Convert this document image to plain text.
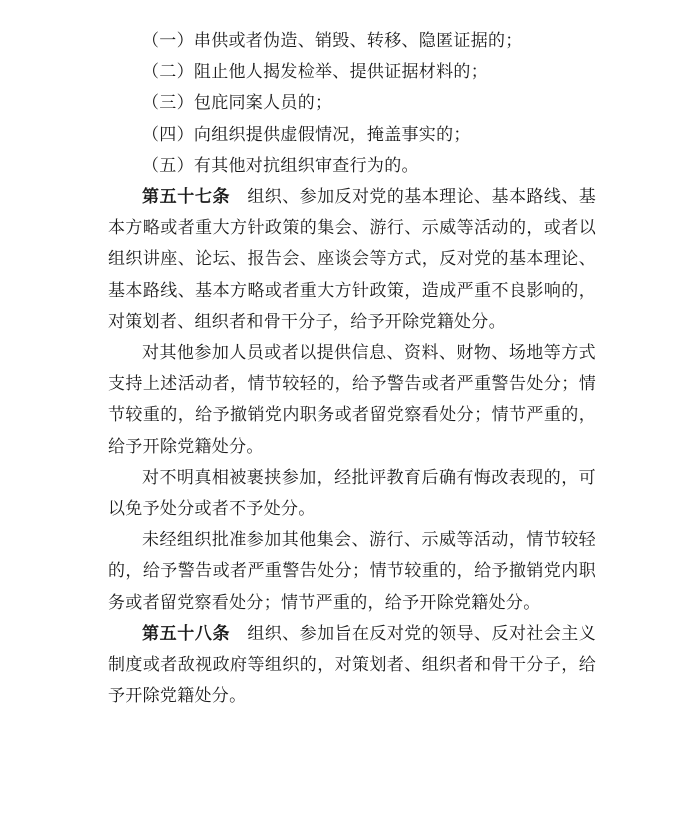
（一）串供或者伪造、销毁、转移、隐匿证据的；

（二）阻止他人揭发检举、提供证据材料的；

（三）包庇同案人员的；

（四）向组织提供虚假情况，掩盖事实的；

（五）有其他对抗组织审查行为的。

第五十七条 组织、参加反对党的基本理论、基本路线、基本方略或者重大方针政策的集会、游行、示威等活动的，或者以组织讲座、论坛、报告会、座谈会等方式，反对党的基本理论、基本路线、基本方略或者重大方针政策，造成严重不良影响的，对策划者、组织者和骨干分子，给予开除党籍处分。

对其他参加人员或者以提供信息、资料、财物、场地等方式支持上述活动者，情节较轻的，给予警告或者严重警告处分；情节较重的，给予撤销党内职务或者留党察看处分；情节严重的，给予开除党籍处分。

对不明真相被裹挟参加，经批评教育后确有悔改表现的，可以免予处分或者不予处分。

未经组织批准参加其他集会、游行、示威等活动，情节较轻的，给予警告或者严重警告处分；情节较重的，给予撤销党内职务或者留党察看处分；情节严重的，给予开除党籍处分。

第五十八条 组织、参加旨在反对党的领导、反对社会主义制度或者敌视政府等组织的，对策划者、组织者和骨干分子，给予开除党籍处分。
